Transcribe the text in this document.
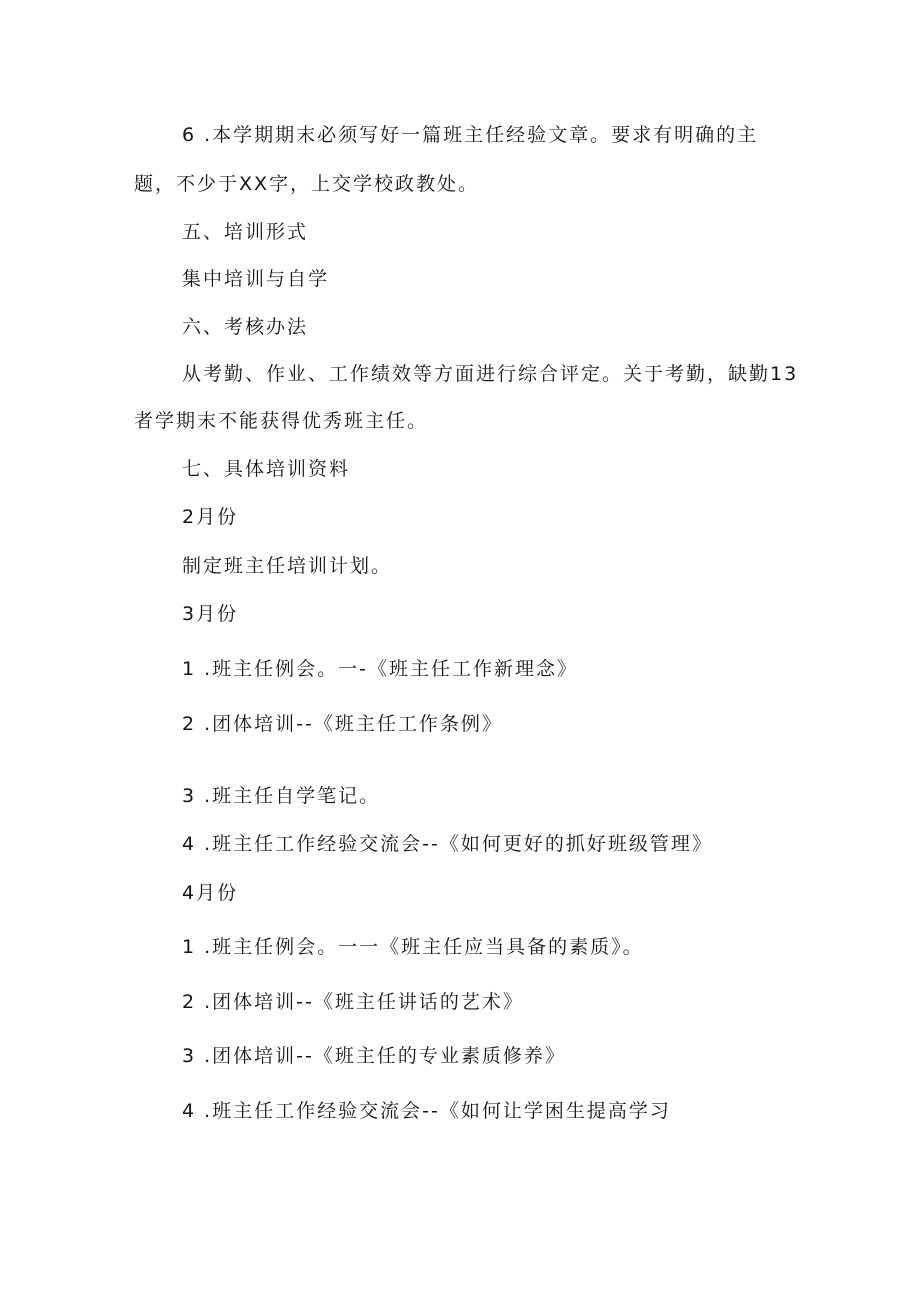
6 .本学期期末必须写好一篇班主任经验文章。要求有明确的主
题，不少于XX字，上交学校政教处。
五、培训形式
集中培训与自学
六、考核办法
从考勤、作业、工作绩效等方面进行综合评定。关于考勤，缺勤13
者学期末不能获得优秀班主任。
七、具体培训资料
2月份
制定班主任培训计划。
3月份
1 .班主任例会。一-《班主任工作新理念》
2 .团体培训--《班主任工作条例》
3 .班主任自学笔记。
4 .班主任工作经验交流会--《如何更好的抓好班级管理》
4月份
1 .班主任例会。一一《班主任应当具备的素质》。
2 .团体培训--《班主任讲话的艺术》
3 .团体培训--《班主任的专业素质修养》
4 .班主任工作经验交流会--《如何让学困生提高学习
